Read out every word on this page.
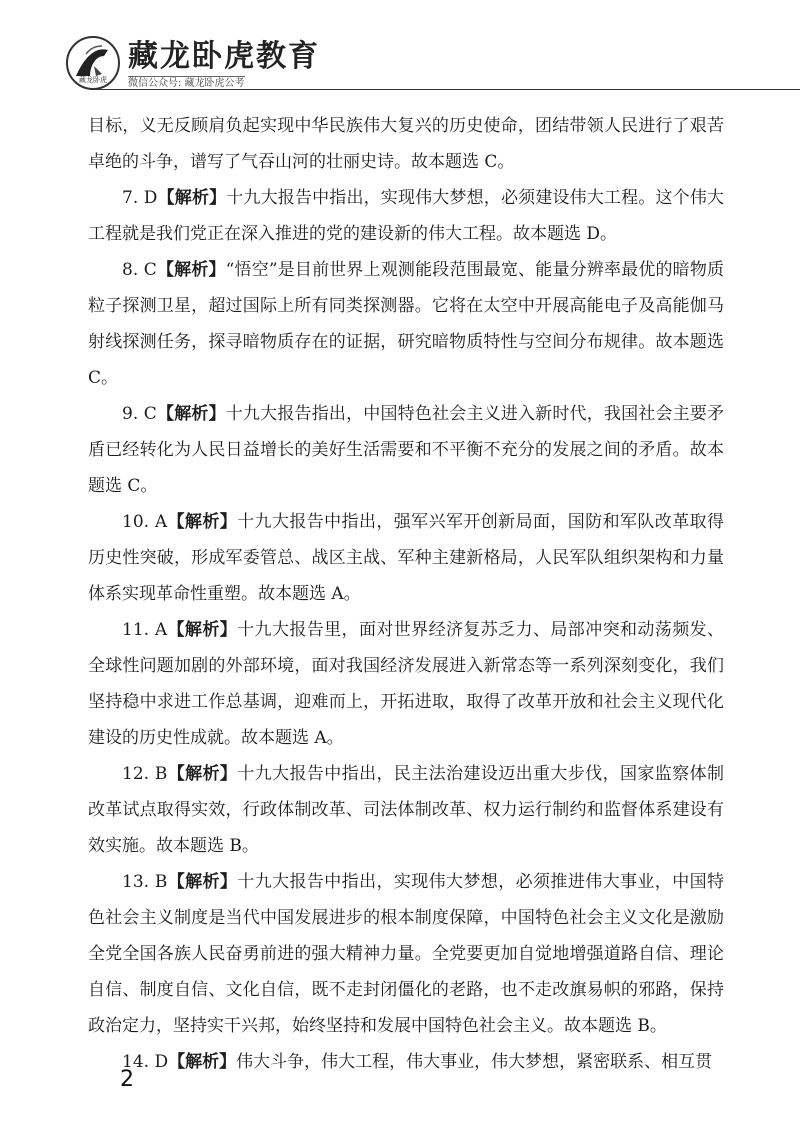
藏龙卧虎
藏龙卧虎教育
微信公众号: 藏龙卧虎公考

目标，义无反顾肩负起实现中华民族伟大复兴的历史使命，团结带领人民进行了艰苦卓绝的斗争，谱写了气吞山河的壮丽史诗。故本题选 C。

7. D【解析】十九大报告中指出，实现伟大梦想，必须建设伟大工程。这个伟大工程就是我们党正在深入推进的党的建设新的伟大工程。故本题选 D。

8. C【解析】“悟空”是目前世界上观测能段范围最宽、能量分辨率最优的暗物质粒子探测卫星，超过国际上所有同类探测器。它将在太空中开展高能电子及高能伽马射线探测任务，探寻暗物质存在的证据，研究暗物质特性与空间分布规律。故本题选 C。

9. C【解析】十九大报告指出，中国特色社会主义进入新时代，我国社会主要矛盾已经转化为人民日益增长的美好生活需要和不平衡不充分的发展之间的矛盾。故本题选 C。

10. A【解析】十九大报告中指出，强军兴军开创新局面，国防和军队改革取得历史性突破，形成军委管总、战区主战、军种主建新格局，人民军队组织架构和力量体系实现革命性重塑。故本题选 A。

11. A【解析】十九大报告里，面对世界经济复苏乏力、局部冲突和动荡频发、全球性问题加剧的外部环境，面对我国经济发展进入新常态等一系列深刻变化，我们坚持稳中求进工作总基调，迎难而上，开拓进取，取得了改革开放和社会主义现代化建设的历史性成就。故本题选 A。

12. B【解析】十九大报告中指出，民主法治建设迈出重大步伐，国家监察体制改革试点取得实效，行政体制改革、司法体制改革、权力运行制约和监督体系建设有效实施。故本题选 B。

13. B【解析】十九大报告中指出，实现伟大梦想，必须推进伟大事业，中国特色社会主义制度是当代中国发展进步的根本制度保障，中国特色社会主义文化是激励全党全国各族人民奋勇前进的强大精神力量。全党要更加自觉地增强道路自信、理论自信、制度自信、文化自信，既不走封闭僵化的老路，也不走改旗易帜的邪路，保持政治定力，坚持实干兴邦，始终坚持和发展中国特色社会主义。故本题选 B。

14. D【解析】伟大斗争，伟大工程，伟大事业，伟大梦想，紧密联系、相互贯

2
